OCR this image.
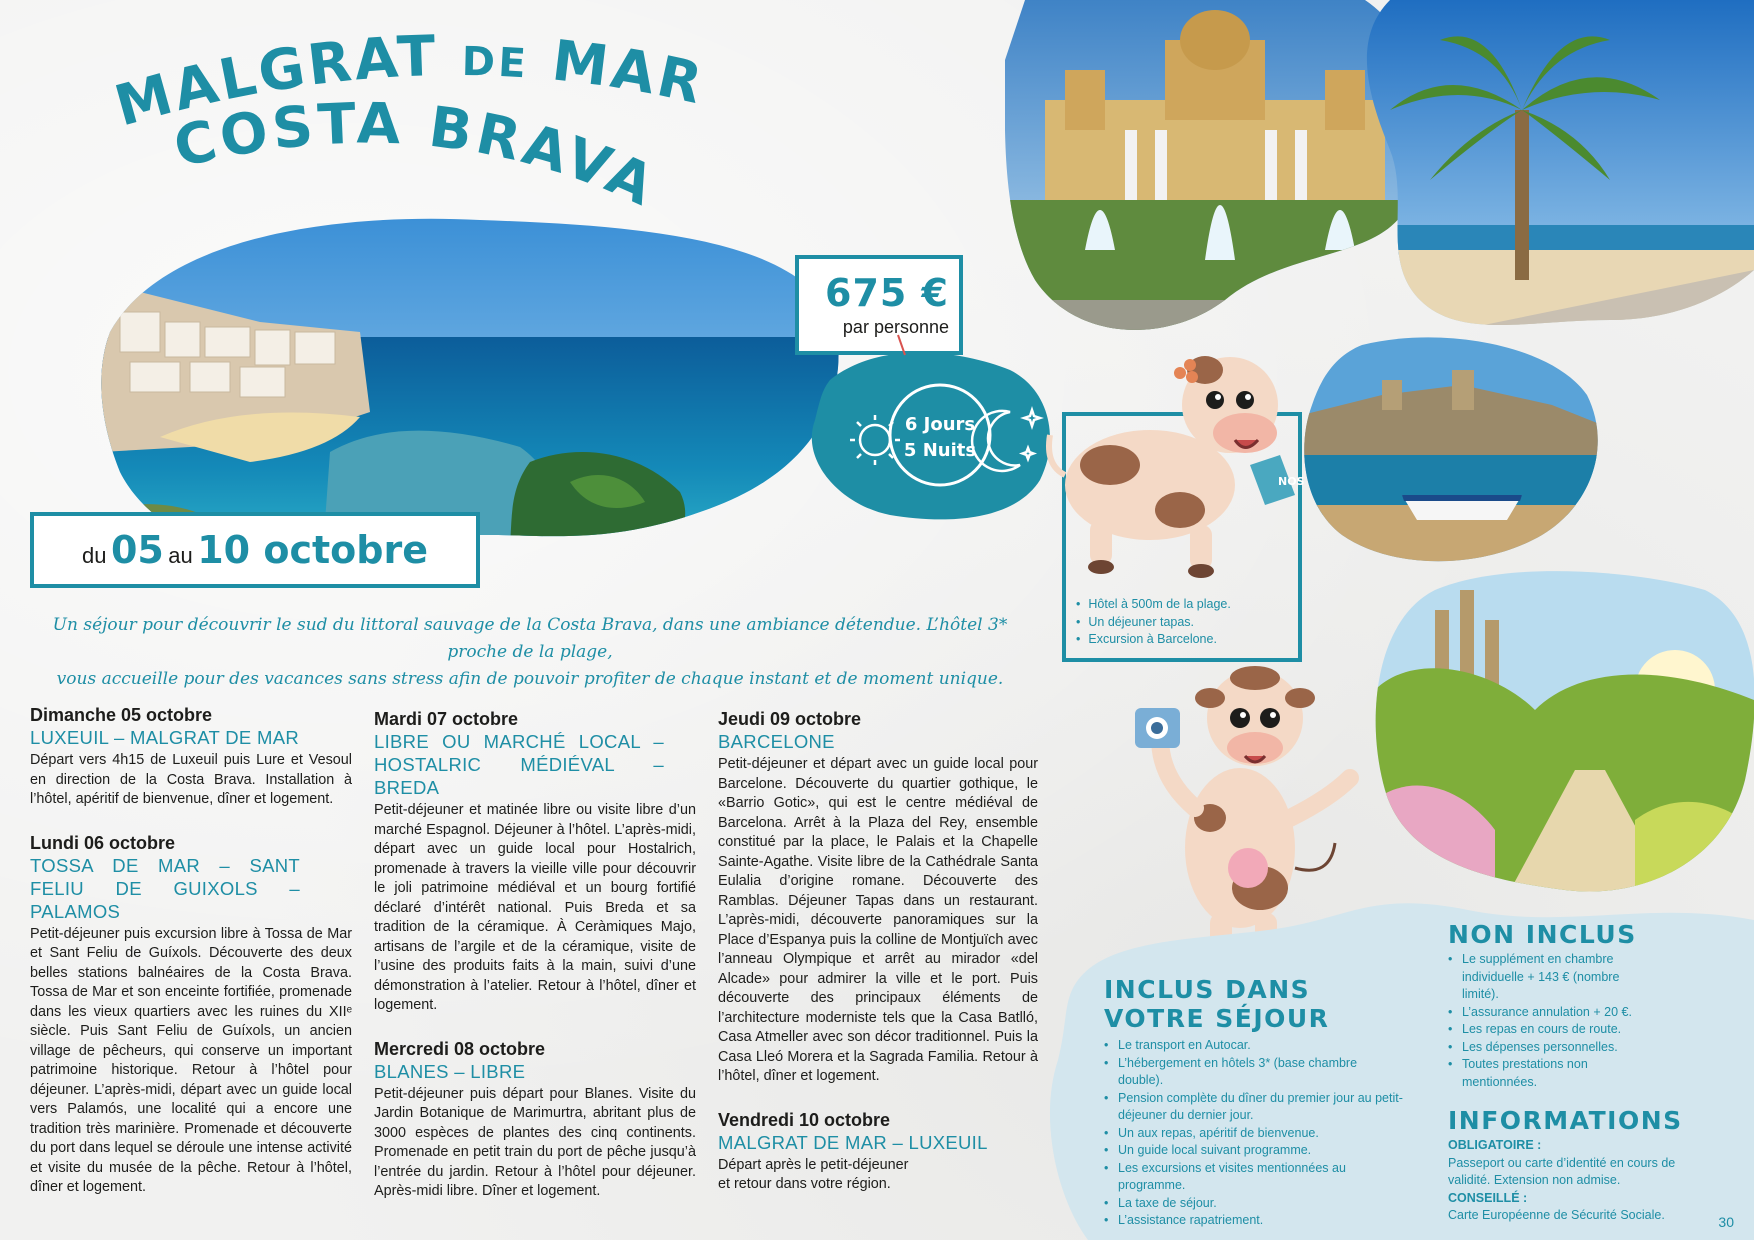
MALGRAT DE MAR
COSTA BRAVA
675 €
par personne
6 Jours
5 Nuits
du 05 au 10 octobre
Un séjour pour découvrir le sud du littoral sauvage de la Costa Brava, dans une ambiance détendue. L’hôtel 3* proche de la plage,
vous accueille pour des vacances sans stress afin de pouvoir profiter de chaque instant et de moment unique.

Dimanche 05 octobre

LUXEUIL – MALGRAT DE MAR

Départ vers 4h15 de Luxeuil puis Lure et Vesoul en direction de la Costa Brava. Installation à l’hôtel, apéritif de bienvenue, dîner et logement.

Lundi 06 octobre

TOSSA DE MAR – SANT FELIU DE GUIXOLS – PALAMOS

Petit-déjeuner puis excursion libre à Tossa de Mar et Sant Feliu de Guíxols. Découverte des deux belles stations balnéaires de la Costa Brava. Tossa de Mar et son enceinte fortifiée, promenade dans les vieux quartiers avec les ruines du XIIᵉ siècle. Puis Sant Feliu de Guíxols, un ancien village de pêcheurs, qui conserve un important patrimoine historique. Retour à l’hôtel pour déjeuner. L’après-midi, départ avec un guide local vers Palamós, une localité qui a encore une tradition très marinière. Promenade et découverte du port dans lequel se déroule une intense activité et visite du musée de la pêche. Retour à l’hôtel, dîner et logement.

Mardi 07 octobre

LIBRE OU MARCHÉ LOCAL – HOSTALRIC MÉDIÉVAL – BREDA

Petit-déjeuner et matinée libre ou visite libre d’un marché Espagnol. Déjeuner à l’hôtel. L’après-midi, départ avec un guide local pour Hostalrich, promenade à travers la vieille ville pour découvrir le joli patrimoine médiéval et un bourg fortifié déclaré d’intérêt national. Puis Breda et sa tradition de la céramique. À Ceràmiques Majo, artisans de l’argile et de la céramique, visite de l’usine des produits faits à la main, suivi d’une démonstration à l’atelier. Retour à l’hôtel, dîner et logement.

Mercredi 08 octobre

BLANES – LIBRE

Petit-déjeuner puis départ pour Blanes. Visite du Jardin Botanique de Marimurtra, abritant plus de 3000 espèces de plantes des cinq continents. Promenade en petit train du port de pêche jusqu’à l’entrée du jardin. Retour à l’hôtel pour déjeuner. Après-midi libre. Dîner et logement.

Jeudi 09 octobre

BARCELONE

Petit-déjeuner et départ avec un guide local pour Barcelone. Découverte du quartier gothique, le «Barrio Gotic», qui est le centre médiéval de Barcelona. Arrêt à la Plaza del Rey, ensemble constitué par la place, le Palais et la Chapelle Sainte-Agathe. Visite libre de la Cathédrale Santa Eulalia d’origine romane. Découverte des Ramblas. Déjeuner Tapas dans un restaurant. L’après-midi, découverte panoramiques sur la Place d’Espanya puis la colline de Montjuïch avec l’anneau Olympique et arrêt au mirador «del Alcade» pour admirer la ville et le port. Puis découverte des principaux éléments de l’architecture moderniste tels que la Casa Batlló, Casa Atmeller avec son décor traditionnel. Puis la Casa Lleó Morera et la Sagrada Familia. Retour à l’hôtel, dîner et logement.

Vendredi 10 octobre

MALGRAT DE MAR – LUXEUIL

Départ après le petit-déjeuner et retour dans votre région.

NOS
• Hôtel à 500m de la plage.
• Un déjeuner tapas.
• Excursion à Barcelone.

INCLUS DANS

VOTRE SÉJOUR

• Le transport en Autocar.
• L’hébergement en hôtels 3* (base chambre double).
• Pension complète du dîner du premier jour au petit-déjeuner du dernier jour.
• Un aux repas, apéritif de bienvenue.
• Un guide local suivant programme.
• Les excursions et visites mentionnées au programme.
• La taxe de séjour.
• L’assistance rapatriement.

NON INCLUS

• Le supplément en chambre individuelle + 143 € (nombre limité).
• L’assurance annulation + 20 €.
• Les repas en cours de route.
• Les dépenses personnelles.
• Toutes prestations non mentionnées.

INFORMATIONS

OBLIGATOIRE :

Passeport ou carte d’identité en cours de validité. Extension non admise.

CONSEILLÉ :

Carte Européenne de Sécurité Sociale.	30
